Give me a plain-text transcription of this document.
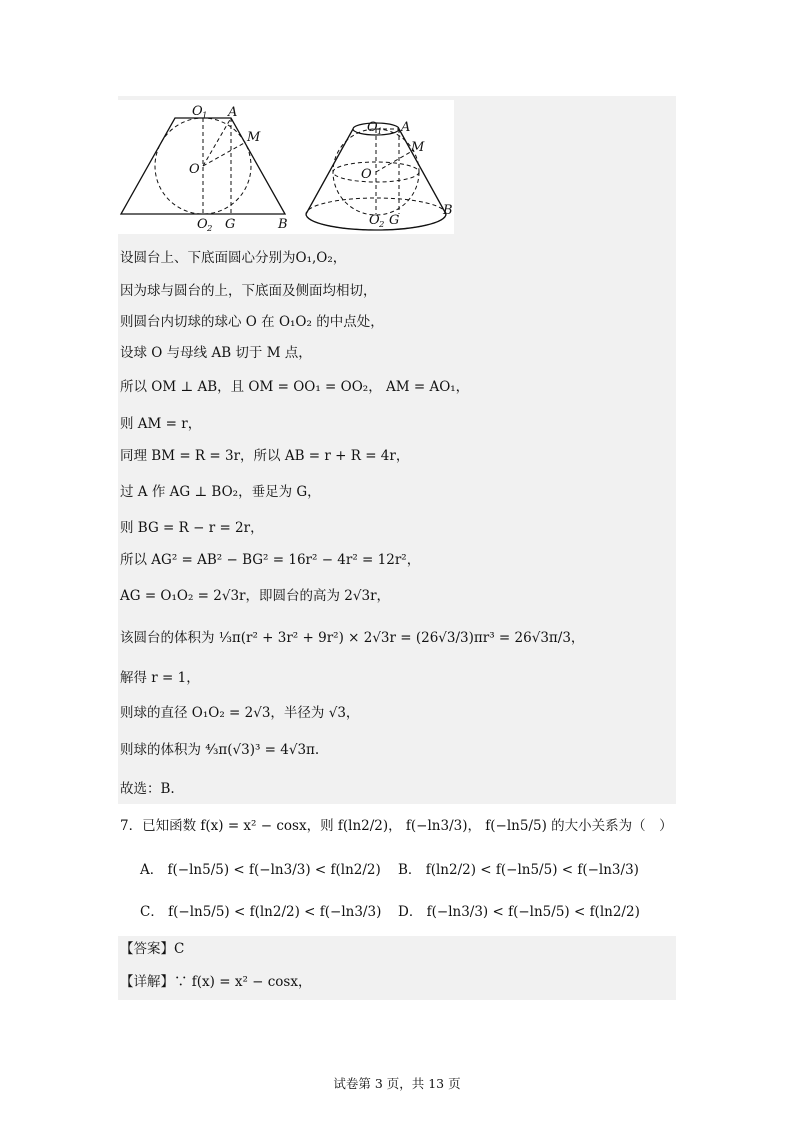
O 1 A
M
O
O 2 G	B
O 1 A
M
O
O 2 G
B
设圆台上、下底面圆心分别为O₁,O₂，
因为球与圆台的上，下底面及侧面均相切，
则圆台内切球的球心 O 在 O₁O₂ 的中点处，
设球 O 与母线 AB 切于 M 点，
所以 OM ⊥ AB，且 OM = OO₁ = OO₂， AM = AO₁，
则 AM = r，
同理 BM = R = 3r，所以 AB = r + R = 4r，
过 A 作 AG ⊥ BO₂，垂足为 G，
则 BG = R − r = 2r，
所以 AG² = AB² − BG² = 16r² − 4r² = 12r²，
AG = O₁O₂ = 2√3r，即圆台的高为 2√3r，
该圆台的体积为 ¹⁄₃π(r² + 3r² + 9r²) × 2√3r = (26√3/3)πr³ = 26√3π/3，
解得 r = 1，
则球的直径 O₁O₂ = 2√3，半径为 √3，
则球的体积为 ⁴⁄₃π(√3)³ = 4√3π.
故选：B.
7．已知函数 f(x) = x² − cosx，则 f(ln2/2)， f(−ln3/3)， f(−ln5/5) 的大小关系为（　）
A． f(−ln5/5) < f(−ln3/3) < f(ln2/2) B． f(ln2/2) < f(−ln5/5) < f(−ln3/3)
C． f(−ln5/5) < f(ln2/2) < f(−ln3/3) D． f(−ln3/3) < f(−ln5/5) < f(ln2/2)
【答案】C
【详解】∵ f(x) = x² − cosx，
试卷第 3 页，共 13 页
